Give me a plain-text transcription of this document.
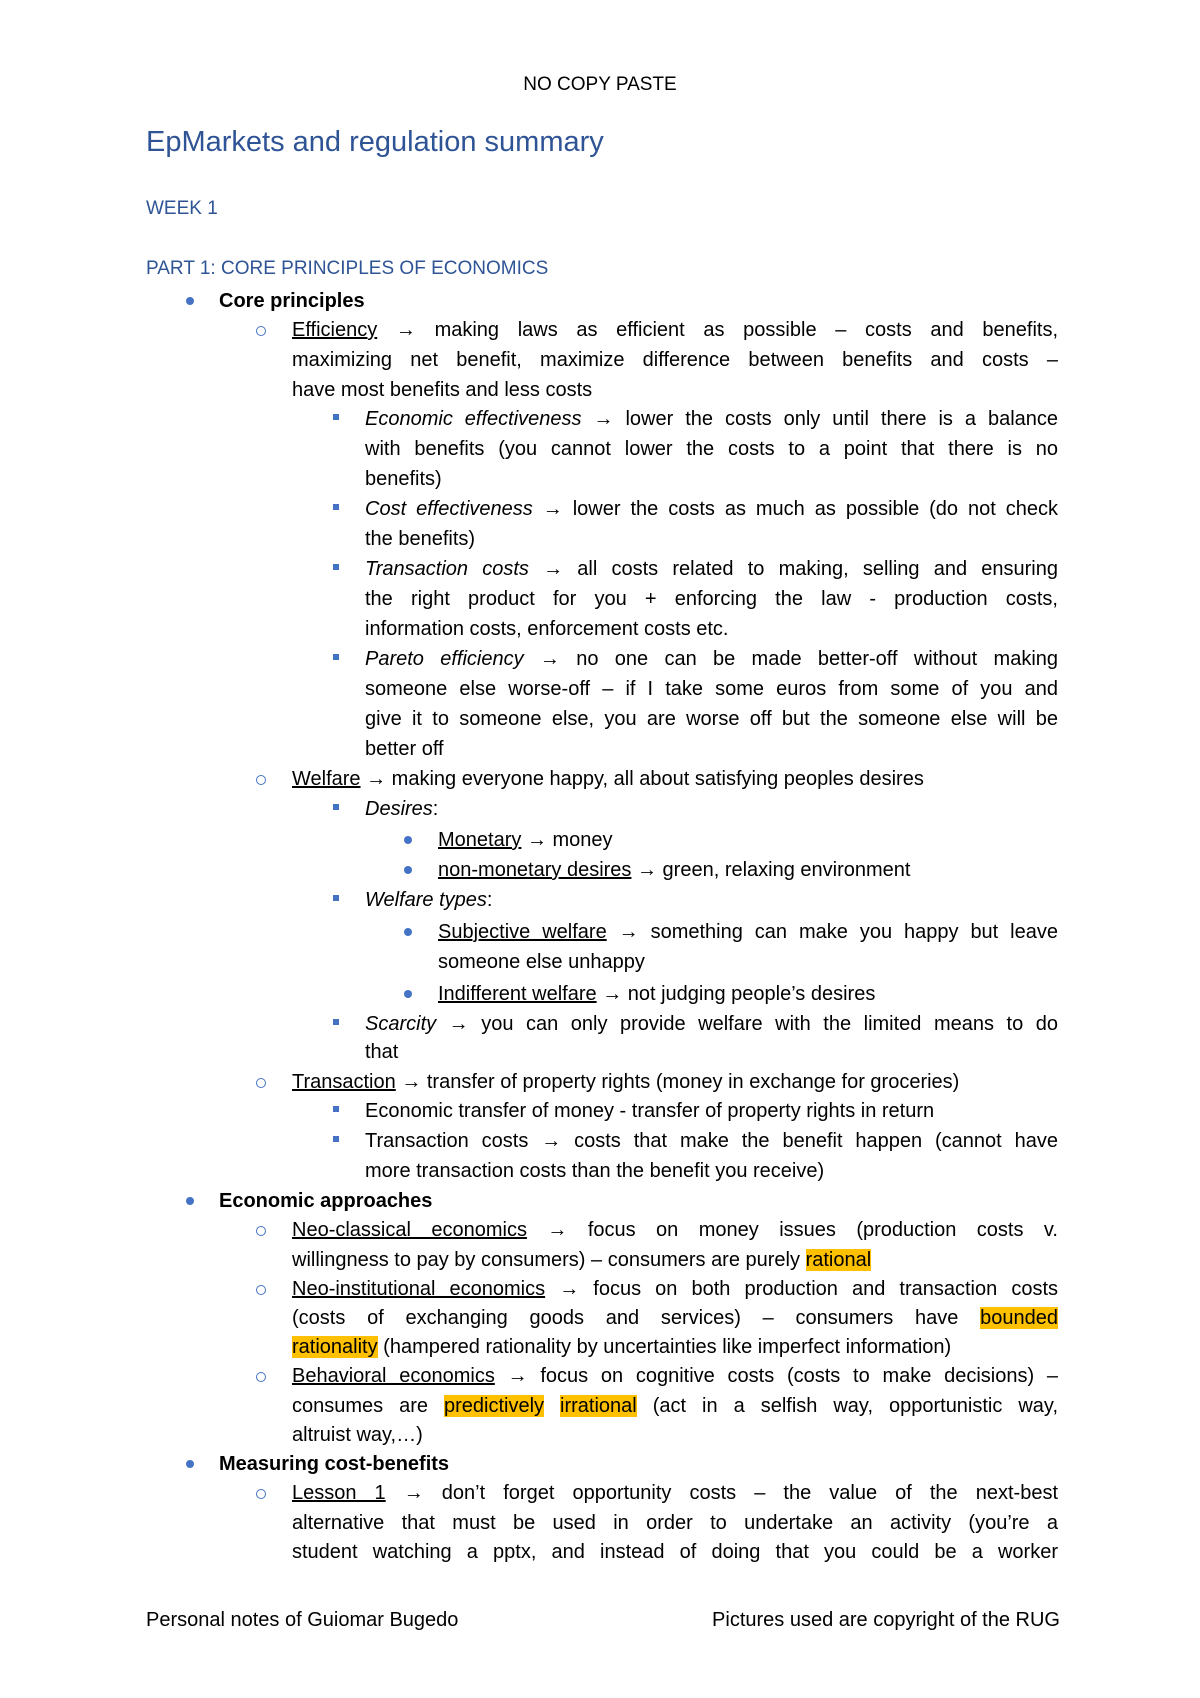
NO COPY PASTE
EpMarkets and regulation summary
WEEK 1
PART 1: CORE PRINCIPLES OF ECONOMICS
Core principles
Efficiency → making laws as efficient as possible – costs and benefits,
maximizing net benefit, maximize difference between benefits and costs –
have most benefits and less costs
Economic effectiveness → lower the costs only until there is a balance
with benefits (you cannot lower the costs to a point that there is no
benefits)
Cost effectiveness → lower the costs as much as possible (do not check
the benefits)
Transaction costs → all costs related to making, selling and ensuring
the right product for you + enforcing the law - production costs,
information costs, enforcement costs etc.
Pareto efficiency → no one can be made better-off without making
someone else worse-off – if I take some euros from some of you and
give it to someone else, you are worse off but the someone else will be
better off
Welfare → making everyone happy, all about satisfying peoples desires
Desires:
Monetary → money
non-monetary desires → green, relaxing environment
Welfare types:
Subjective welfare → something can make you happy but leave
someone else unhappy
Indifferent welfare → not judging people’s desires
Scarcity → you can only provide welfare with the limited means to do
that
Transaction → transfer of property rights (money in exchange for groceries)
Economic transfer of money - transfer of property rights in return
Transaction costs → costs that make the benefit happen (cannot have
more transaction costs than the benefit you receive)
Economic approaches
Neo-classical economics → focus on money issues (production costs v.
willingness to pay by consumers) – consumers are purely rational
Neo-institutional economics → focus on both production and transaction costs
(costs of exchanging goods and services) – consumers have bounded
rationality (hampered rationality by uncertainties like imperfect information)
Behavioral economics → focus on cognitive costs (costs to make decisions) –
consumes are predictively irrational (act in a selfish way, opportunistic way,
altruist way,…)
Measuring cost-benefits
Lesson 1 → don’t forget opportunity costs – the value of the next-best
alternative that must be used in order to undertake an activity (you’re a
student watching a pptx, and instead of doing that you could be a worker
Personal notes of Guiomar Bugedo	Pictures used are copyright of the RUG
